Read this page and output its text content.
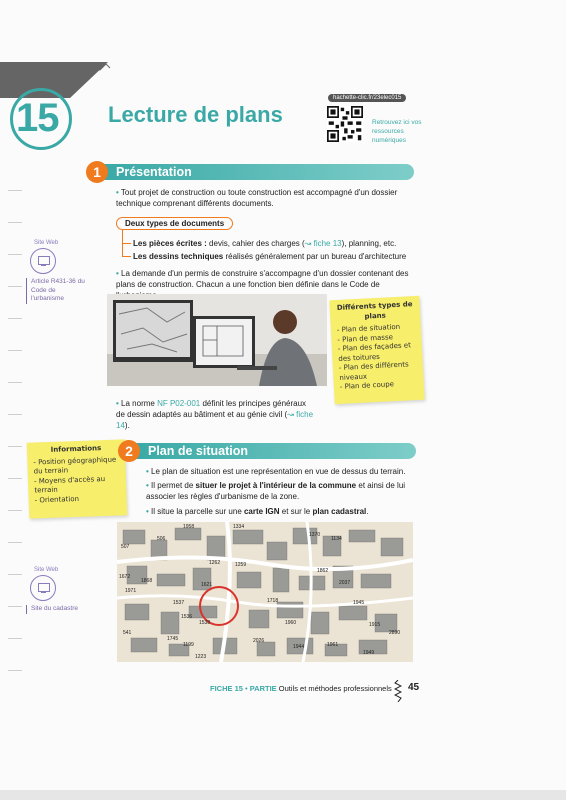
15	Lecture de plans
hachette-clic.fr/23elec015
Retrouvez ici vos ressources numériques
Présentation
1
• Tout projet de construction ou toute construction est accompagné d'un dossier technique comprenant différents documents.
Deux types de documents
Les pièces écrites : devis, cahier des charges (↝ fiche 13), planning, etc.
Les dessins techniques réalisés généralement par un bureau d'architecture
• La demande d'un permis de construire s'accompagne d'un dossier contenant des plans de construction. Chacun a une fonction bien définie dans le Code de
Différents types de plans
- Plan de situation
- Plan de masse
- Plan des façades et des toitures
- Plan des différents niveaux
- Plan de coupe
• La norme NF P02-001 définit les principes généraux de dessin adaptés au bâtiment et au génie civil (↝ fiche 14).
Site Web
Article R431-36 du Code de l'urbanisme
Informations
- Position géographique du terrain
- Moyens d'accès au terrain
- Orientation
Plan de situation
2
• Le plan de situation est une représentation en vue de dessus du terrain.
• Il permet de situer le projet à l'intérieur de la commune et ainsi de lui associer les règles d'urbanisme de la zone.
• Il situe la parcelle sur une carte IGN et sur le plan cadastral.
Site Web
Site du cadastre
1958	1334
506
507
1262	1259
1672
1868
1971
1537
1536
1538
1621
1745
1199
1223
541
1370
1134
1915
2890
1945
1718
1960
1862
2037
2026
1944	1961
1949
FICHE 15 • PARTIE Outils et méthodes professionnels 45
